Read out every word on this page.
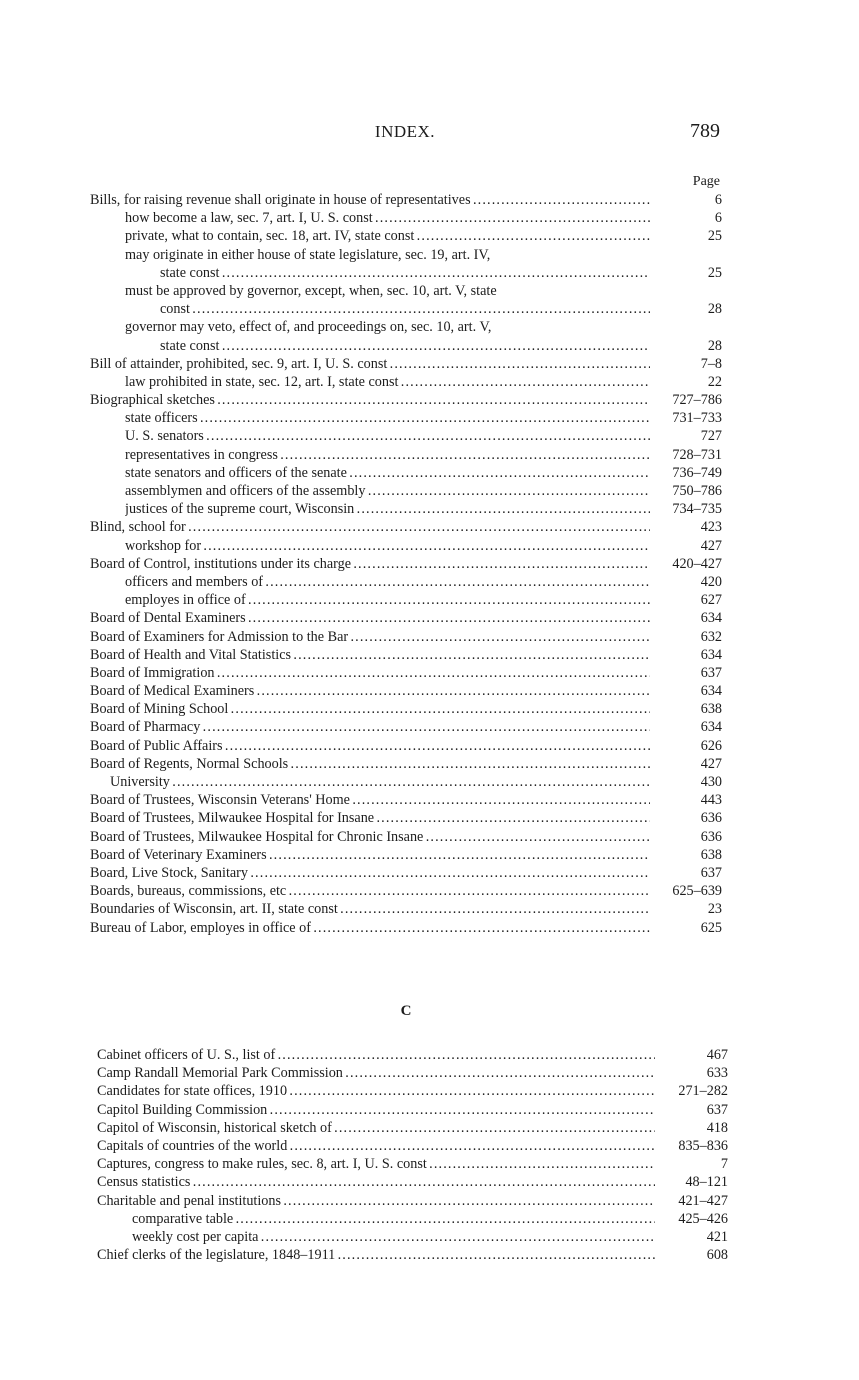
INDEX.	789
Page
Bills, for raising revenue shall originate in house of representatives . . .	6
how become a law, sec. 7, art. I, U. S. const . . .	6
private, what to contain, sec. 18, art. IV, state const . . .	25
may originate in either house of state legislature, sec. 19, art. IV,
state const . . .	25
must be approved by governor, except, when, sec. 10, art. V, state
const . . .	28
governor may veto, effect of, and proceedings on, sec. 10, art. V,
state const . . .	28
Bill of attainder, prohibited, sec. 9, art. I, U. S. const . . .	7–8
law prohibited in state, sec. 12, art. I, state const . . .	22
Biographical sketches . . .	727–786
state officers . . .	731–733
U. S. senators . . .	727
representatives in congress . . .	728–731
state senators and officers of the senate . . .	736–749
assemblymen and officers of the assembly . . .	750–786
justices of the supreme court, Wisconsin . . .	734–735
Blind, school for . . .	423
workshop for . . .	427
Board of Control, institutions under its charge . . .	420–427
officers and members of . . .	420
employes in office of . . .	627
Board of Dental Examiners . . .	634
Board of Examiners for Admission to the Bar . . .	632
Board of Health and Vital Statistics . . .	634
Board of Immigration . . .	637
Board of Medical Examiners . . .	634
Board of Mining School . . .	638
Board of Pharmacy . . .	634
Board of Public Affairs . . .	626
Board of Regents, Normal Schools . . .	427
University . . .	430
Board of Trustees, Wisconsin Veterans' Home . . .	443
Board of Trustees, Milwaukee Hospital for Insane . . .	636
Board of Trustees, Milwaukee Hospital for Chronic Insane . . .	636
Board of Veterinary Examiners . . .	638
Board, Live Stock, Sanitary . . .	637
Boards, bureaus, commissions, etc . . .	625–639
Boundaries of Wisconsin, art. II, state const . . .	23
Bureau of Labor, employes in office of . . .	625
C
Cabinet officers of U. S., list of . . .	467
Camp Randall Memorial Park Commission . . .	633
Candidates for state offices, 1910 . . .	271–282
Capitol Building Commission . . .	637
Capitol of Wisconsin, historical sketch of . . .	418
Capitals of countries of the world . . .	835–836
Captures, congress to make rules, sec. 8, art. I, U. S. const . . .	7
Census statistics . . .	48–121
Charitable and penal institutions . . .	421–427
comparative table . . .	425–426
weekly cost per capita . . .	421
Chief clerks of the legislature, 1848–1911 . . .	608
